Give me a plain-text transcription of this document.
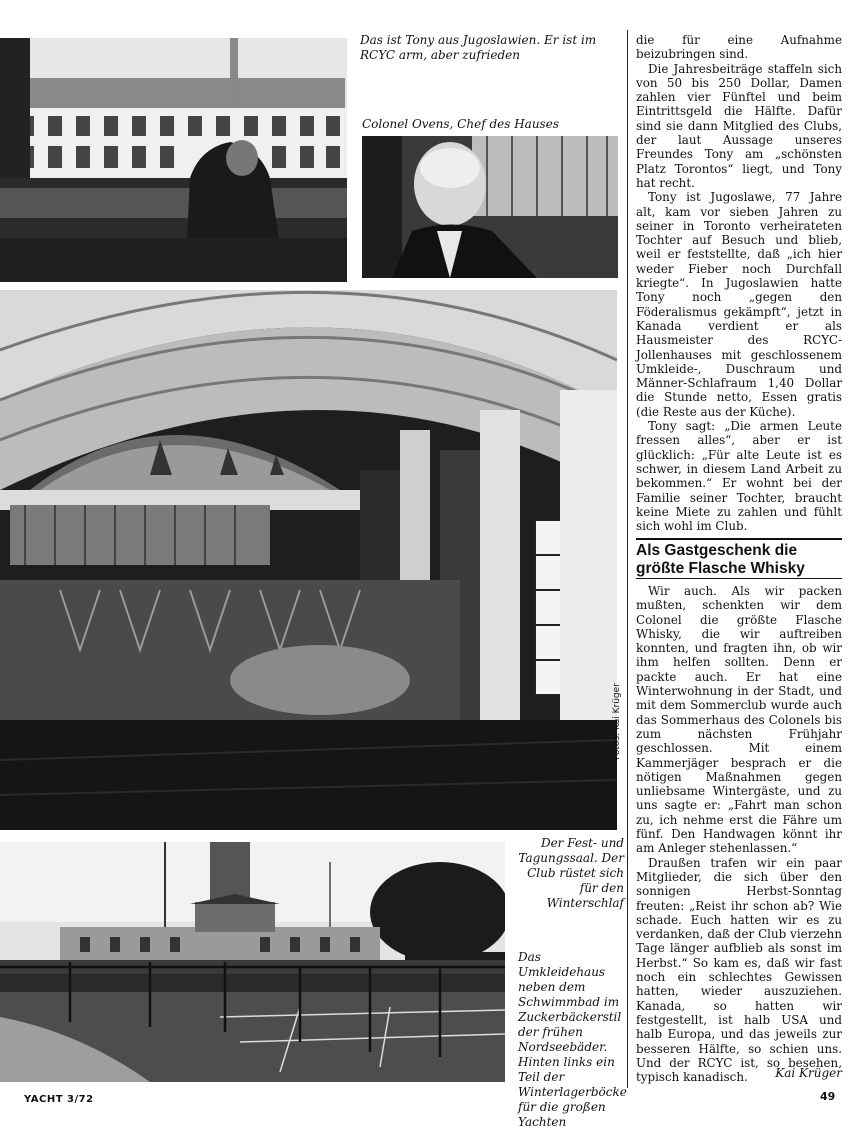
Das ist Tony aus Jugoslawien. Er ist im RCYC arm, aber zufrieden
Colonel Ovens, Chef des Hauses
Fotos: Kai Krüger
Der Fest- und Tagungssaal. Der Club rüstet sich für den Winterschlaf
Das Umkleidehaus neben dem Schwimmbad im Zuckerbäckerstil der frühen Nordseebäder. Hinten links ein Teil der Winterlagerböcke für die großen Yachten

die für eine Aufnahme beizubringen sind.

Die Jahresbeiträge staffeln sich von 50 bis 250 Dollar, Damen zahlen vier Fünftel und beim Eintrittsgeld die Hälfte. Dafür sind sie dann Mitglied des Clubs, der laut Aussage unseres Freundes Tony am „schönsten Platz Torontos“ liegt, und Tony hat recht.

Tony ist Jugoslawe, 77 Jahre alt, kam vor sieben Jahren zu seiner in Toronto verheirateten Tochter auf Besuch und blieb, weil er feststellte, daß „ich hier weder Fieber noch Durchfall kriegte“. In Jugoslawien hatte Tony noch „gegen den Föderalismus gekämpft“, jetzt in Kanada verdient er als Hausmeister des RCYC-Jollenhauses mit geschlossenem Umkleide-, Duschraum und Männer-Schlafraum 1,40 Dollar die Stunde netto, Essen gratis (die Reste aus der Küche).

Tony sagt: „Die armen Leute fressen alles“, aber er ist glücklich: „Für alte Leute ist es schwer, in diesem Land Arbeit zu bekommen.“ Er wohnt bei der Familie seiner Tochter, braucht keine Miete zu zahlen und fühlt sich wohl im Club.

Als Gastgeschenk die größte Flasche Whisky

Wir auch. Als wir packen mußten, schenkten wir dem Colonel die größte Flasche Whisky, die wir auftreiben konnten, und fragten ihn, ob wir ihm helfen sollten. Denn er packte auch. Er hat eine Winterwohnung in der Stadt, und mit dem Sommerclub wurde auch das Sommerhaus des Colonels bis zum nächsten Frühjahr geschlossen. Mit einem Kammerjäger besprach er die nötigen Maßnahmen gegen unliebsame Wintergäste, und zu uns sagte er: „Fahrt man schon zu, ich nehme erst die Fähre um fünf. Den Handwagen könnt ihr am Anleger stehenlassen.“

Draußen trafen wir ein paar Mitglieder, die sich über den sonnigen Herbst-Sonntag freuten: „Reist ihr schon ab? Wie schade. Euch hatten wir es zu verdanken, daß der Club vierzehn Tage länger aufblieb als sonst im Herbst.“ So kam es, daß wir fast noch ein schlechtes Gewissen hatten, wieder auszuziehen. Kanada, so hatten wir festgestellt, ist halb USA und halb Europa, und das jeweils zur besseren Hälfte, so schien uns. Und der RCYC ist, so besehen, typisch kanadisch.	Kai Krüger
YACHT 3/72	49
